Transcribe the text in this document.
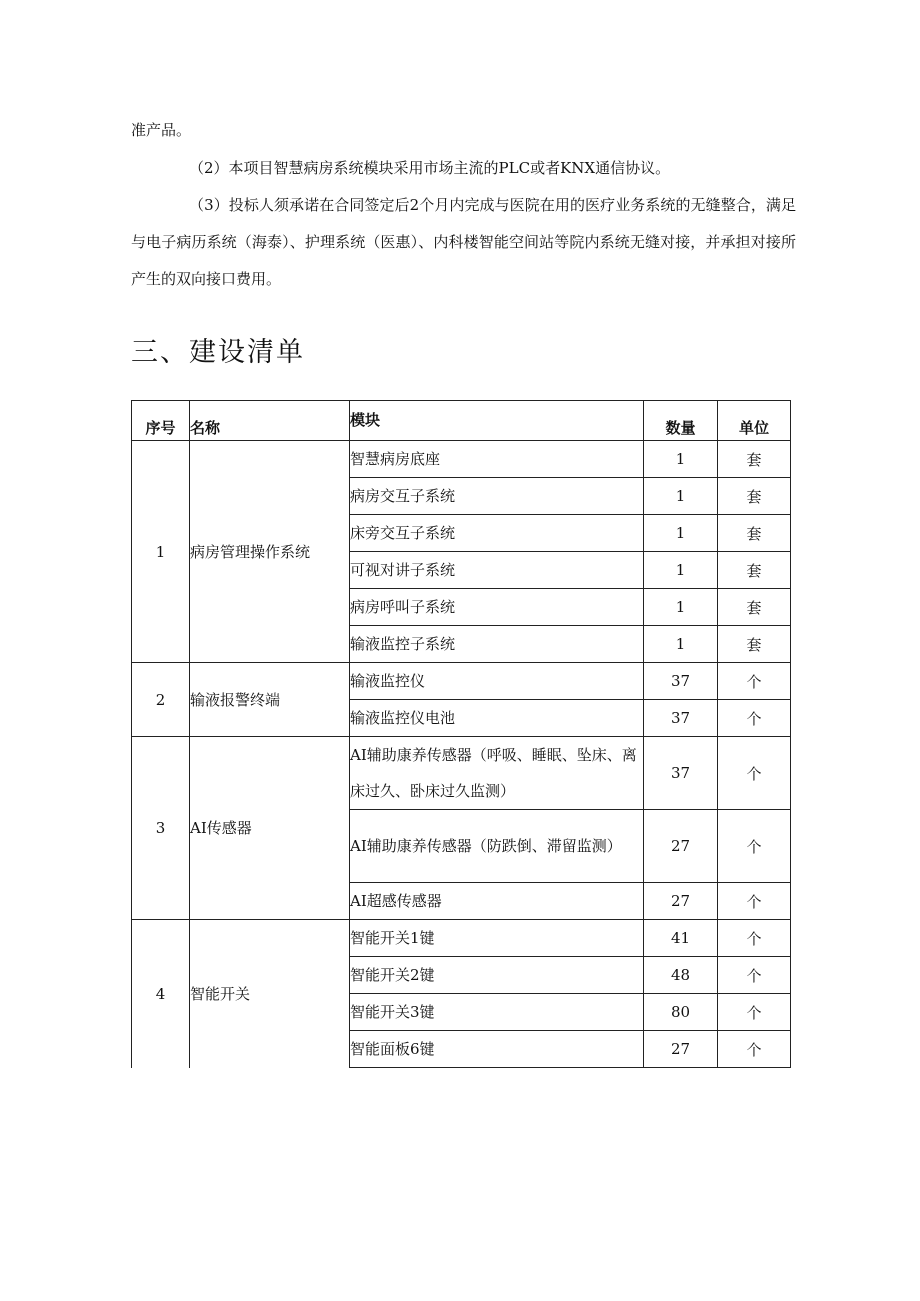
准产品。

（2）本项目智慧病房系统模块采用市场主流的PLC或者KNX通信协议。

（3）投标人须承诺在合同签定后2个月内完成与医院在用的医疗业务系统的无缝整合，满足与电子病历系统（海泰）、护理系统（医惠）、内科楼智能空间站等院内系统无缝对接，并承担对接所产生的双向接口费用。

三、建设清单
序号	名称	模块	数量	单位
1	病房管理操作系统	智慧病房底座	1	套
		病房交互子系统	1	套
		床旁交互子系统	1	套
		可视对讲子系统	1	套
		病房呼叫子系统	1	套
		输液监控子系统	1	套
2	输液报警终端	输液监控仪	37	个
		输液监控仪电池	37	个
3	AI传感器	AI辅助康养传感器（呼吸、睡眠、坠床、离床过久、卧床过久监测）	37	个
		AI辅助康养传感器（防跌倒、滞留监测）	27	个
		AI超感传感器	27	个
4	智能开关	智能开关1键	41	个
		智能开关2键	48	个
		智能开关3键	80	个
		智能面板6键	27	个
